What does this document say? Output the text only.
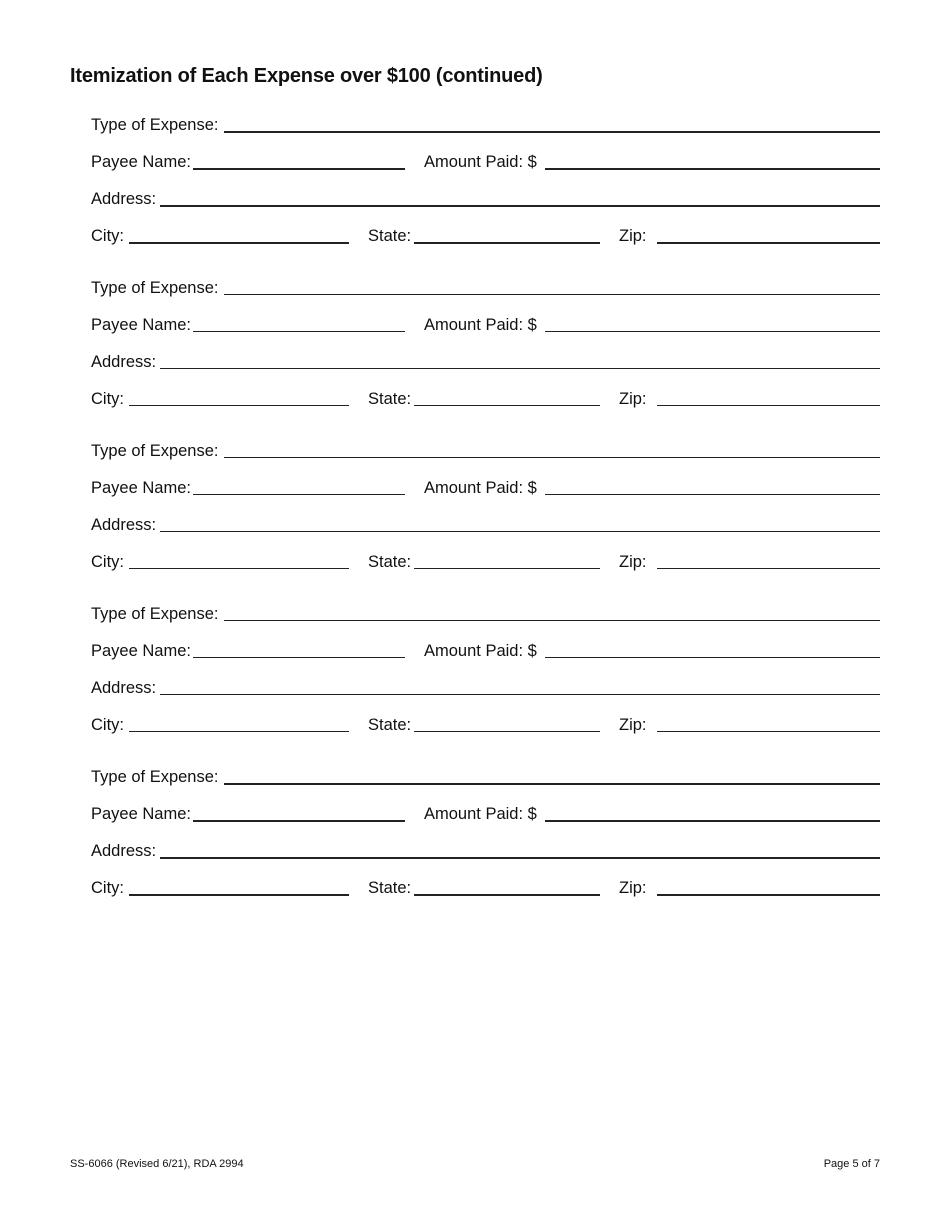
Itemization of Each Expense over $100 (continued)
Type of Expense:
Payee Name:	Amount Paid: $
Address:
City:	State:	Zip:
Type of Expense:
Payee Name:	Amount Paid: $
Address:
City:	State:	Zip:
Type of Expense:
Payee Name:	Amount Paid: $
Address:
City:	State:	Zip:
Type of Expense:
Payee Name:	Amount Paid: $
Address:
City:	State:	Zip:
Type of Expense:
Payee Name:	Amount Paid: $
Address:
City:	State:	Zip:
SS-6066 (Revised 6/21), RDA 2994	Page 5 of 7
